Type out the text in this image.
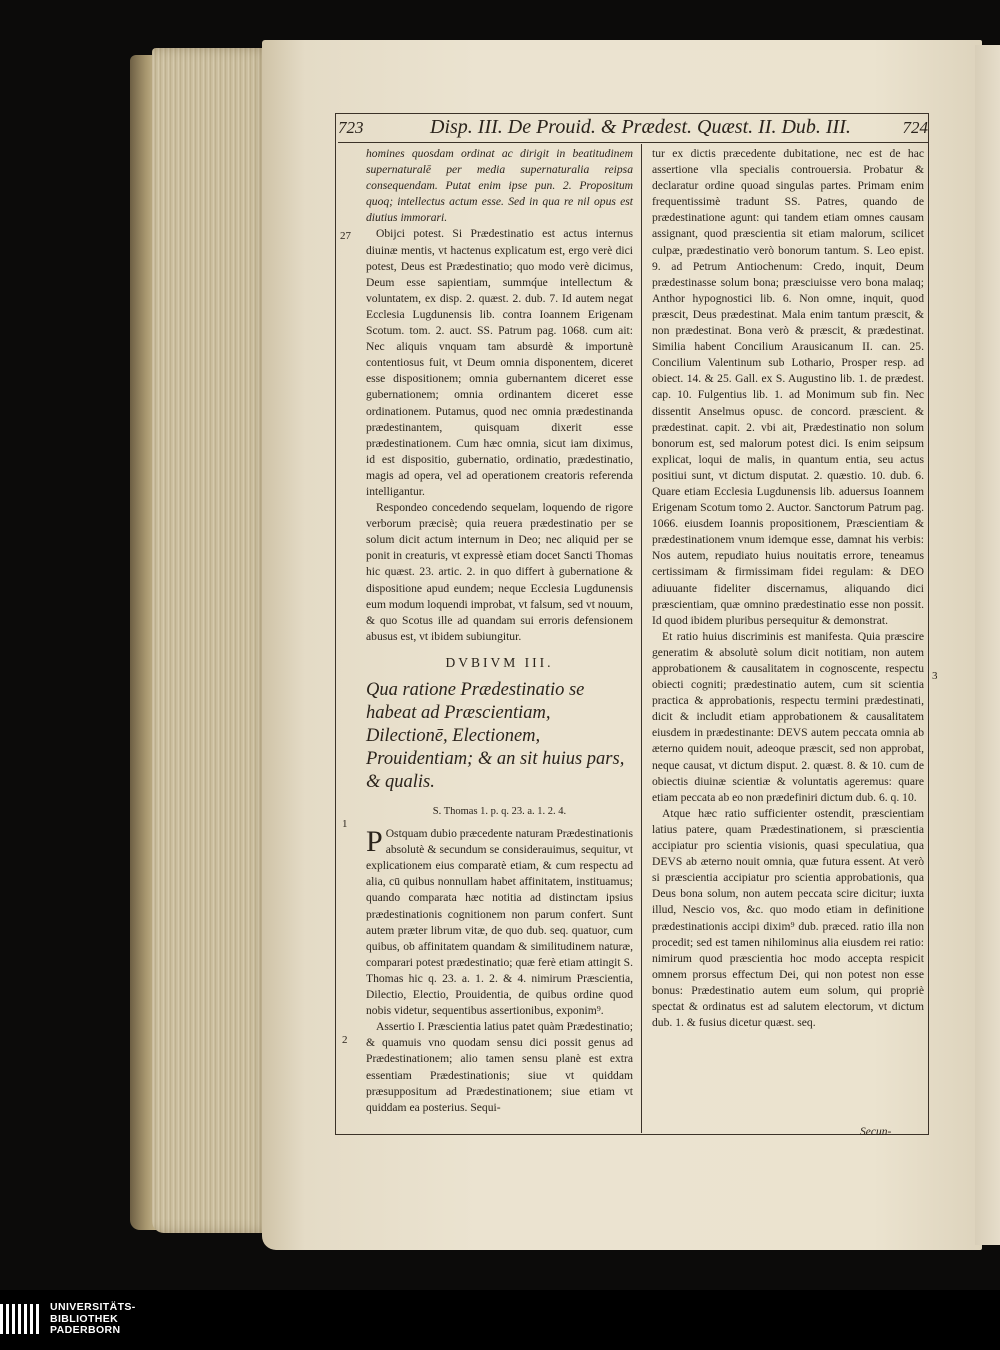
723	Disp. III. De Prouid. & Prædest. Quæst. II. Dub. III.	724
27
1
2
3

homines quosdam ordinat ac dirigit in beatitudinem supernaturalē per media supernaturalia reipsa consequendam. Putat enim ipse pun. 2. Propositum quoq; intellectus actum esse. Sed in qua re nil opus est diutius immorari.

Obijci potest. Si Prædestinatio est actus internus diuinæ mentis, vt hactenus explicatum est, ergo verè dici potest, Deus est Prædestinatio; quo modo verè dicimus, Deum esse sapientiam, summq́ue intellectum & voluntatem, ex disp. 2. quæst. 2. dub. 7. Id autem negat Ecclesia Lugdunensis lib. contra Ioannem Erigenam Scotum. tom. 2. auct. SS. Patrum pag. 1068. cum ait: Nec aliquis vnquam tam absurdè & importunè contentiosus fuit, vt Deum omnia disponentem, diceret esse dispositionem; omnia gubernantem diceret esse gubernationem; omnia ordinantem diceret esse ordinationem. Putamus, quod nec omnia prædestinanda prædestinantem, quisquam dixerit esse prædestinationem. Cum hæc omnia, sicut iam diximus, id est dispositio, gubernatio, ordinatio, prædestinatio, magis ad opera, vel ad operationem creatoris referenda intelligantur.

Respondeo concedendo sequelam, loquendo de rigore verborum præcisè; quia reuera prædestinatio per se solum dicit actum internum in Deo; nec aliquid per se ponit in creaturis, vt expressè etiam docet Sancti Thomas hic quæst. 23. artic. 2. in quo differt à gubernatione & dispositione apud eundem; neque Ecclesia Lugdunensis eum modum loquendi improbat, vt falsum, sed vt nouum, & quo Scotus ille ad quandam sui erroris defensionem abusus est, vt ibidem subiungitur.

DVBIVM III.
Qua ratione Prædestinatio se habeat ad Præscientiam, Dilectionē, Electionem, Prouidentiam; & an sit huius pars, & qualis.
S. Thomas 1. p. q. 23. a. 1. 2. 4.

P Ostquam dubio præcedente naturam Prædestinationis absolutè & secundum se considerauimus, sequitur, vt explicationem eius comparatè etiam, & cum respectu ad alia, cū quibus nonnullam habet affinitatem, instituamus; quando comparata hæc notitia ad distinctam ipsius prædestinationis cognitionem non parum confert. Sunt autem præter librum vitæ, de quo dub. seq. quatuor, cum quibus, ob affinitatem quandam & similitudinem naturæ, comparari potest prædestinatio; quæ ferè etiam attingit S. Thomas hic q. 23. a. 1. 2. & 4. nimirum Præscientia, Dilectio, Electio, Prouidentia, de quibus ordine quod nobis videtur, sequentibus assertionibus, exponim⁹.

Assertio I. Præscientia latius patet quàm Prædestinatio; & quamuis vno quodam sensu dici possit genus ad Prædestinationem; alio tamen sensu planè est extra essentiam Prædestinationis; siue vt quiddam præsuppositum ad Prædestinationem; siue etiam vt quiddam ea posterius. Sequi-

tur ex dictis præcedente dubitatione, nec est de hac assertione vlla specialis controuersia. Probatur & declaratur ordine quoad singulas partes. Primam enim frequentissimè tradunt SS. Patres, quando de prædestinatione agunt: qui tandem etiam omnes causam assignant, quod præscientia sit etiam malorum, scilicet culpæ, prædestinatio verò bonorum tantum. S. Leo epist. 9. ad Petrum Antiochenum: Credo, inquit, Deum prædestinasse solum bona; præsciuisse vero bona malaq; Anthor hypognostici lib. 6. Non omne, inquit, quod præscit, Deus prædestinat. Mala enim tantum præscit, & non prædestinat. Bona verò & præscit, & prædestinat. Similia habent Concilium Arausicanum II. can. 25. Concilium Valentinum sub Lothario, Prosper resp. ad obiect. 14. & 25. Gall. ex S. Augustino lib. 1. de prædest. cap. 10. Fulgentius lib. 1. ad Monimum sub fin. Nec dissentit Anselmus opusc. de concord. præscient. & prædestinat. capit. 2. vbi ait, Prædestinatio non solum bonorum est, sed malorum potest dici. Is enim seipsum explicat, loqui de malis, in quantum entia, seu actus positiui sunt, vt dictum disputat. 2. quæstio. 10. dub. 6. Quare etiam Ecclesia Lugdunensis lib. aduersus Ioannem Erigenam Scotum tomo 2. Auctor. Sanctorum Patrum pag. 1066. eiusdem Ioannis propositionem, Præscientiam & prædestinationem vnum idemque esse, damnat his verbis: Nos autem, repudiato huius nouitatis errore, teneamus certissimam & firmissimam fidei regulam: & DEO adiuuante fideliter discernamus, aliquando dici præscientiam, quæ omnino prædestinatio esse non possit. Id quod ibidem pluribus persequitur & demonstrat.

Et ratio huius discriminis est manifesta. Quia præscire generatim & absolutè solum dicit notitiam, non autem approbationem & causalitatem in cognoscente, respectu obiecti cogniti; prædestinatio autem, cum sit scientia practica & approbationis, respectu termini prædestinati, dicit & includit etiam approbationem & causalitatem eiusdem in prædestinante: DEVS autem peccata omnia ab æterno quidem nouit, adeoque præscit, sed non approbat, neque causat, vt dictum disput. 2. quæst. 8. & 10. cum de obiectis diuinæ scientiæ & voluntatis ageremus: quare etiam peccata ab eo non prædefiniri dictum dub. 6. q. 10.

Atque hæc ratio sufficienter ostendit, præscientiam latius patere, quam Prædestinationem, si præscientia accipiatur pro scientia visionis, quasi speculatiua, qua DEVS ab æterno nouit omnia, quæ futura essent. At verò si præscientia accipiatur pro scientia approbationis, qua Deus bona solum, non autem peccata scire dicitur; iuxta illud, Nescio vos, &c. quo modo etiam in definitione prædestinationis accipi dixim⁹ dub. præced. ratio illa non procedit; sed est tamen nihilominus alia eiusdem rei ratio: nimirum quod præscientia hoc modo accepta respicit omnem prorsus effectum Dei, qui non potest non esse bonus: Prædestinatio autem eum solum, qui propriè spectat & ordinatus est ad salutem electorum, vt dictum dub. 1. & fusius dicetur quæst. seq.

Secun-
UNIVERSITÄTS-
BIBLIOTHEK
PADERBORN
